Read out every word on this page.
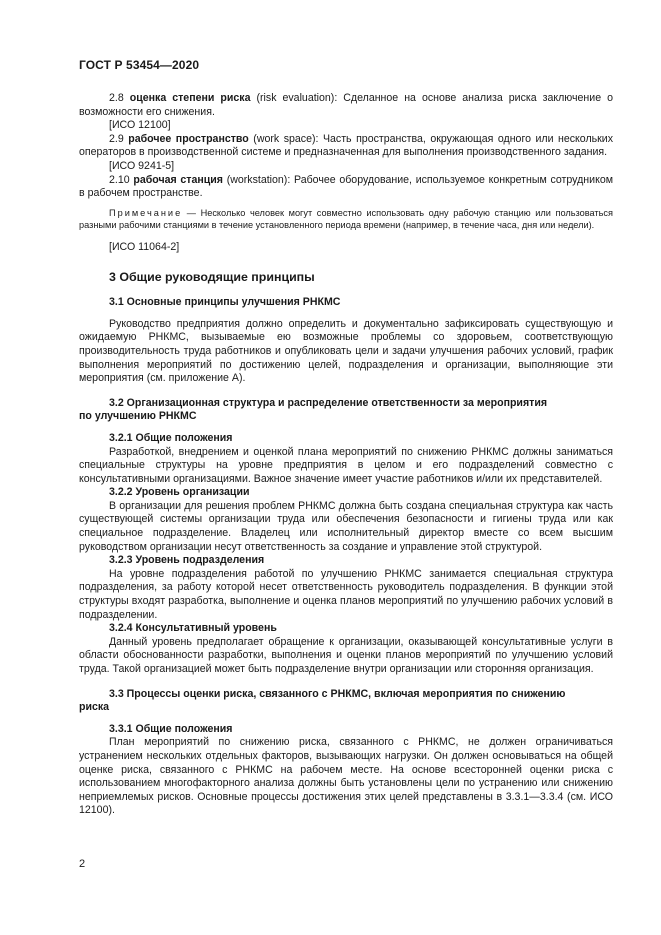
ГОСТ Р 53454—2020

2.8 оценка степени риска (risk evaluation): Сделанное на основе анализа риска заключение о возможности его снижения.

[ИСО 12100]

2.9 рабочее пространство (work space): Часть пространства, окружающая одного или нескольких операторов в производственной системе и предназначенная для выполнения производственного задания.

[ИСО 9241-5]

2.10 рабочая станция (workstation): Рабочее оборудование, используемое конкретным сотрудником в рабочем пространстве.

Примечание — Несколько человек могут совместно использовать одну рабочую станцию или пользоваться разными рабочими станциями в течение установленного периода времени (например, в течение часа, дня или недели).

[ИСО 11064-2]

3 Общие руководящие принципы
3.1 Основные принципы улучшения РНКМС

Руководство предприятия должно определить и документально зафиксировать существующую и ожидаемую РНКМС, вызываемые ею возможные проблемы со здоровьем, соответствующую производительность труда работников и опубликовать цели и задачи улучшения рабочих условий, график выполнения мероприятий по достижению целей, подразделения и организации, выполняющие эти мероприятия (см. приложение А).

3.2 Организационная структура и распределение ответственности за мероприятия
по улучшению РНКМС
3.2.1 Общие положения

Разработкой, внедрением и оценкой плана мероприятий по снижению РНКМС должны заниматься специальные структуры на уровне предприятия в целом и его подразделений совместно с консультативными организациями. Важное значение имеет участие работников и/или их представителей.

3.2.2 Уровень организации

В организации для решения проблем РНКМС должна быть создана специальная структура как часть существующей системы организации труда или обеспечения безопасности и гигиены труда или как специальное подразделение. Владелец или исполнительный директор вместе со всем высшим руководством организации несут ответственность за создание и управление этой структурой.

3.2.3 Уровень подразделения

На уровне подразделения работой по улучшению РНКМС занимается специальная структура подразделения, за работу которой несет ответственность руководитель подразделения. В функции этой структуры входят разработка, выполнение и оценка планов мероприятий по улучшению рабочих условий в подразделении.

3.2.4 Консультативный уровень

Данный уровень предполагает обращение к организации, оказывающей консультативные услуги в области обоснованности разработки, выполнения и оценки планов мероприятий по улучшению условий труда. Такой организацией может быть подразделение внутри организации или сторонняя организация.

3.3 Процессы оценки риска, связанного с РНКМС, включая мероприятия по снижению
риска
3.3.1 Общие положения

План мероприятий по снижению риска, связанного с РНКМС, не должен ограничиваться устранением нескольких отдельных факторов, вызывающих нагрузки. Он должен основываться на общей оценке риска, связанного с РНКМС на рабочем месте. На основе всесторонней оценки риска с использованием многофакторного анализа должны быть установлены цели по устранению или снижению неприемлемых рисков. Основные процессы достижения этих целей представлены в 3.3.1—3.3.4 (см. ИСО 12100).

2
